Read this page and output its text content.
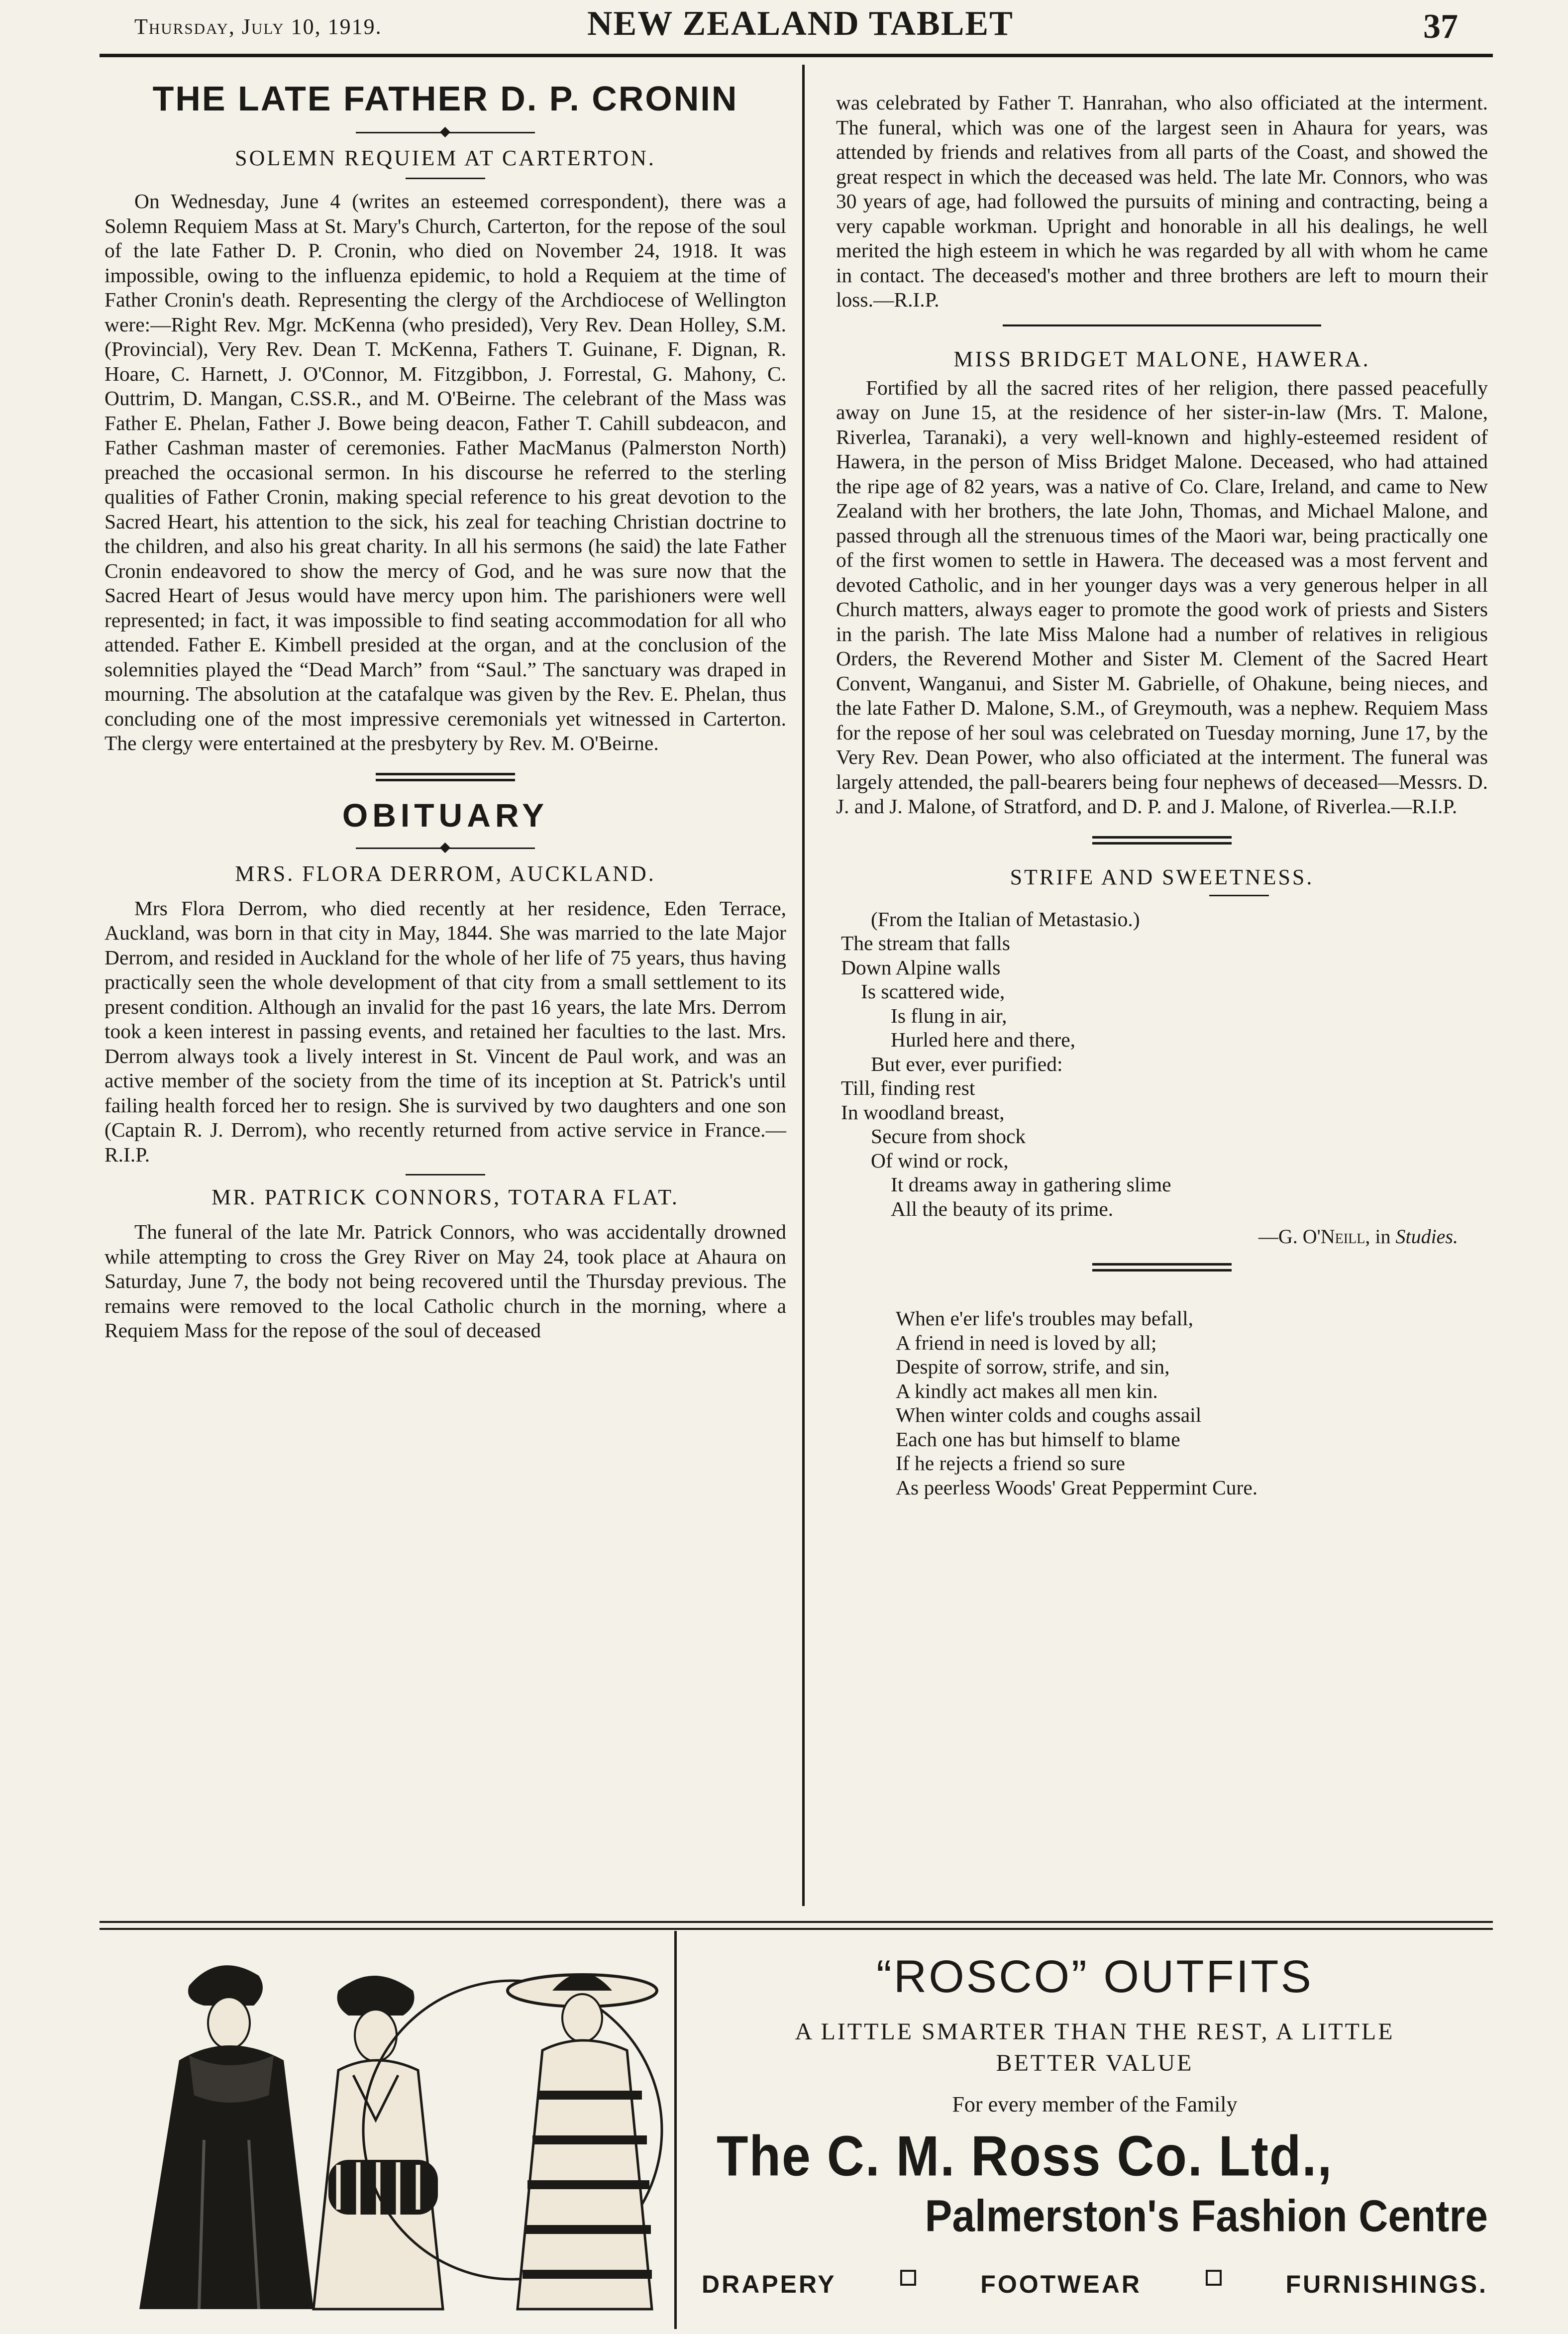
Thursday, July 10, 1919.	NEW ZEALAND TABLET	37
THE LATE FATHER D. P. CRONIN
SOLEMN REQUIEM AT CARTERTON.

On Wednesday, June 4 (writes an esteemed correspondent), there was a Solemn Requiem Mass at St. Mary's Church, Carterton, for the repose of the soul of the late Father D. P. Cronin, who died on November 24, 1918. It was impossible, owing to the influenza epidemic, to hold a Requiem at the time of Father Cronin's death. Representing the clergy of the Archdiocese of Wellington were:—Right Rev. Mgr. McKenna (who presided), Very Rev. Dean Holley, S.M. (Provincial), Very Rev. Dean T. McKenna, Fathers T. Guinane, F. Dignan, R. Hoare, C. Harnett, J. O'Connor, M. Fitzgibbon, J. Forrestal, G. Mahony, C. Outtrim, D. Mangan, C.SS.R., and M. O'Beirne. The celebrant of the Mass was Father E. Phelan, Father J. Bowe being deacon, Father T. Cahill subdeacon, and Father Cashman master of ceremonies. Father MacManus (Palmerston North) preached the occasional sermon. In his discourse he referred to the sterling qualities of Father Cronin, making special reference to his great devotion to the Sacred Heart, his attention to the sick, his zeal for teaching Christian doctrine to the children, and also his great charity. In all his sermons (he said) the late Father Cronin endeavored to show the mercy of God, and he was sure now that the Sacred Heart of Jesus would have mercy upon him. The parishioners were well represented; in fact, it was impossible to find seating accommodation for all who attended. Father E. Kimbell presided at the organ, and at the conclusion of the solemnities played the “Dead March” from “Saul.” The sanctuary was draped in mourning. The absolution at the catafalque was given by the Rev. E. Phelan, thus concluding one of the most impressive ceremonials yet witnessed in Carterton. The clergy were entertained at the presbytery by Rev. M. O'Beirne.

OBITUARY
MRS. FLORA DERROM, AUCKLAND.

Mrs Flora Derrom, who died recently at her residence, Eden Terrace, Auckland, was born in that city in May, 1844. She was married to the late Major Derrom, and resided in Auckland for the whole of her life of 75 years, thus having practically seen the whole development of that city from a small settlement to its present condition. Although an invalid for the past 16 years, the late Mrs. Derrom took a keen interest in passing events, and retained her faculties to the last. Mrs. Derrom always took a lively interest in St. Vincent de Paul work, and was an active member of the society from the time of its inception at St. Patrick's until failing health forced her to resign. She is survived by two daughters and one son (Captain R. J. Derrom), who recently returned from active service in France.—R.I.P.

MR. PATRICK CONNORS, TOTARA FLAT.

The funeral of the late Mr. Patrick Connors, who was accidentally drowned while attempting to cross the Grey River on May 24, took place at Ahaura on Saturday, June 7, the body not being recovered until the Thursday previous. The remains were removed to the local Catholic church in the morning, where a Requiem Mass for the repose of the soul of deceased

was celebrated by Father T. Hanrahan, who also officiated at the interment. The funeral, which was one of the largest seen in Ahaura for years, was attended by friends and relatives from all parts of the Coast, and showed the great respect in which the deceased was held. The late Mr. Connors, who was 30 years of age, had followed the pursuits of mining and contracting, being a very capable workman. Upright and honorable in all his dealings, he well merited the high esteem in which he was regarded by all with whom he came in contact. The deceased's mother and three brothers are left to mourn their loss.—R.I.P.

MISS BRIDGET MALONE, HAWERA.

Fortified by all the sacred rites of her religion, there passed peacefully away on June 15, at the residence of her sister-in-law (Mrs. T. Malone, Riverlea, Taranaki), a very well-known and highly-esteemed resident of Hawera, in the person of Miss Bridget Malone. Deceased, who had attained the ripe age of 82 years, was a native of Co. Clare, Ireland, and came to New Zealand with her brothers, the late John, Thomas, and Michael Malone, and passed through all the strenuous times of the Maori war, being practically one of the first women to settle in Hawera. The deceased was a most fervent and devoted Catholic, and in her younger days was a very generous helper in all Church matters, always eager to promote the good work of priests and Sisters in the parish. The late Miss Malone had a number of relatives in religious Orders, the Reverend Mother and Sister M. Clement of the Sacred Heart Convent, Wanganui, and Sister M. Gabrielle, of Ohakune, being nieces, and the late Father D. Malone, S.M., of Greymouth, was a nephew. Requiem Mass for the repose of her soul was celebrated on Tuesday morning, June 17, by the Very Rev. Dean Power, who also officiated at the interment. The funeral was largely attended, the pall-bearers being four nephews of deceased—Messrs. D. J. and J. Malone, of Stratford, and D. P. and J. Malone, of Riverlea.—R.I.P.

STRIFE AND SWEETNESS.
(From the Italian of Metastasio.)
The stream that falls
Down Alpine walls
Is scattered wide,
Is flung in air,
Hurled here and there,
But ever, ever purified:
Till, finding rest
In woodland breast,
Secure from shock
Of wind or rock,
It dreams away in gathering slime
All the beauty of its prime.
—G. O'Neill, in Studies.
When e'er life's troubles may befall,
A friend in need is loved by all;
Despite of sorrow, strife, and sin,
A kindly act makes all men kin.
When winter colds and coughs assail
Each one has but himself to blame
If he rejects a friend so sure
As peerless Woods' Great Peppermint Cure.
“ROSCO” OUTFITS
A LITTLE SMARTER THAN THE REST, A LITTLE
BETTER VALUE
For every member of the Family
The C. M. Ross Co. Ltd.,
Palmerston's Fashion Centre
DRAPERY	FOOTWEAR	FURNISHINGS.
